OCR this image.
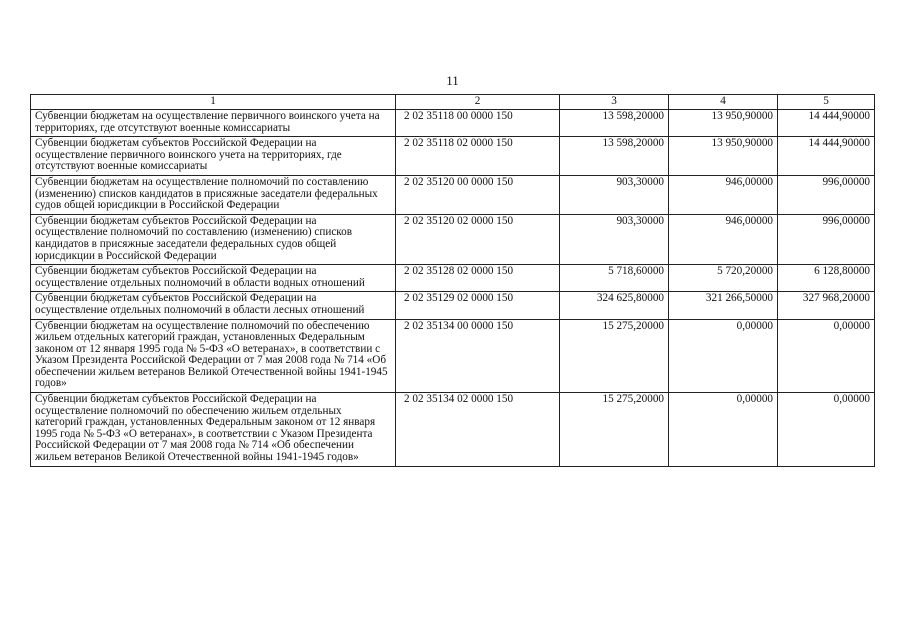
11
1	2	3	4	5
Субвенции бюджетам на осуществление первичного воинского учета на территориях, где отсутствуют военные комиссариаты	2 02 35118 00 0000 150	13 598,20000	13 950,90000	14 444,90000
Субвенции бюджетам субъектов Российской Федерации на осуществление первичного воинского учета на территориях, где отсутствуют военные комиссариаты	2 02 35118 02 0000 150	13 598,20000	13 950,90000	14 444,90000
Субвенции бюджетам на осуществление полномочий по составлению (изменению) списков кандидатов в присяжные заседатели федеральных судов общей юрисдикции в Российской Федерации	2 02 35120 00 0000 150	903,30000	946,00000	996,00000
Субвенции бюджетам субъектов Российской Федерации на осуществление полномочий по составлению (изменению) списков кандидатов в присяжные заседатели федеральных судов общей юрисдикции в Российской Федерации	2 02 35120 02 0000 150	903,30000	946,00000	996,00000
Субвенции бюджетам субъектов Российской Федерации на осуществление отдельных полномочий в области водных отношений	2 02 35128 02 0000 150	5 718,60000	5 720,20000	6 128,80000
Субвенции бюджетам субъектов Российской Федерации на осуществление отдельных полномочий в области лесных отношений	2 02 35129 02 0000 150	324 625,80000	321 266,50000	327 968,20000
Субвенции бюджетам на осуществление полномочий по обеспечению жильем отдельных категорий граждан, установленных Федеральным законом от 12 января 1995 года № 5-ФЗ «О ветеранах», в соответствии с Указом Президента Российской Федерации от 7 мая 2008 года № 714 «Об обеспечении жильем ветеранов Великой Отечественной войны 1941-1945 годов»	2 02 35134 00 0000 150	15 275,20000	0,00000	0,00000
Субвенции бюджетам субъектов Российской Федерации на осуществление полномочий по обеспечению жильем отдельных категорий граждан, установленных Федеральным законом от 12 января 1995 года № 5-ФЗ «О ветеранах», в соответствии с Указом Президента Российской Федерации от 7 мая 2008 года № 714 «Об обеспечении жильем ветеранов Великой Отечественной войны 1941-1945 годов»	2 02 35134 02 0000 150	15 275,20000	0,00000	0,00000
